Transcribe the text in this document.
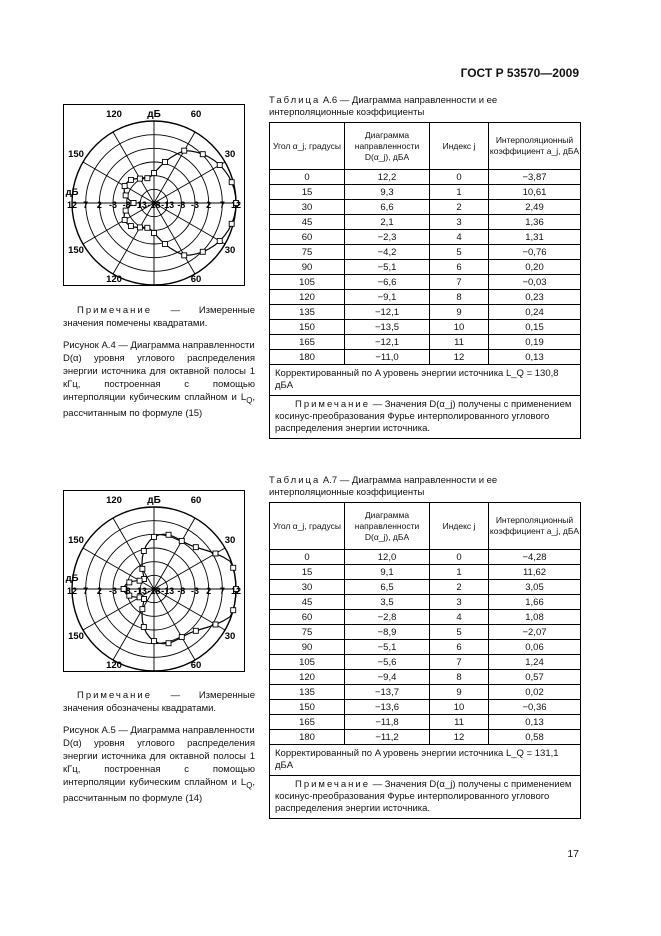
ГОСТ Р 53570—2009
дБ
120	60
150	30
150	30
120	60
дБ
12 7 2 -3 -8 -13 -18 -13 -8 -3 2 7 12
Примечание — Измеренные значения помечены квадратами.
Рисунок А.4 — Диаграмма направленности
D(α) уровня углового распределения энергии источника для октавной полосы 1 кГц, построенная с помощью интерполяции кубическим сплайном и $L_Q$, рассчитанным по формуле (15)
Таблица А.6 — Диаграмма направленности и ее интерполяционные коэффициенты
Угол α_j, градусы	Диаграмма направленности D(α_j), дБA	Индекс j	Интерполяционный коэффициент a_j, дБA
0	12,2	0	−3,87
15	9,3	1	10,61
30	6,6	2	2,49
45	2,1	3	1,36
60	−2,3	4	1,31
75	−4,2	5	−0,76
90	−5,1	6	0,20
105	−6,6	7	−0,03
120	−9,1	8	0,23
135	−12,1	9	0,24
150	−13,5	10	0,15
165	−12,1	11	0,19
180	−11,0	12	0,13
Корректированный по A уровень энергии источника L_Q = 130,8 дБA			
Примечание — Значения D(α_j) получены с применением косинус-преобразования Фурье интерполированного углового распределения энергии источника.			
дБ
120	60
150	30
150	30
120	60
дБ
12 7 2 -3 -8 -13 -18 -13 -8 -3 2 7 12
Примечание — Измеренные значения обозначены квадратами.
Рисунок А.5 — Диаграмма направленности
D(α) уровня углового распределения энергии источника для октавной полосы 1 кГц, построенная с помощью интерполяции кубическим сплайном и $L_Q$, рассчитанным по формуле (14)
Таблица А.7 — Диаграмма направленности и ее интерполяционные коэффициенты
Угол α_j, градусы	Диаграмма направленности D(α_j), дБA	Индекс j	Интерполяционный коэффициент a_j, дБA
0	12,0	0	−4,28
15	9,1	1	11,62
30	6,5	2	3,05
45	3,5	3	1,66
60	−2,8	4	1,08
75	−8,9	5	−2,07
90	−5,1	6	0,06
105	−5,6	7	1,24
120	−9,4	8	0,57
135	−13,7	9	0,02
150	−13,6	10	−0,36
165	−11,8	11	0,13
180	−11,2	12	0,58
Корректированный по A уровень энергии источника L_Q = 131,1 дБA			
Примечание — Значения D(α_j) получены с применением косинус-преобразования Фурье интерполированного углового распределения энергии источника.			
17
